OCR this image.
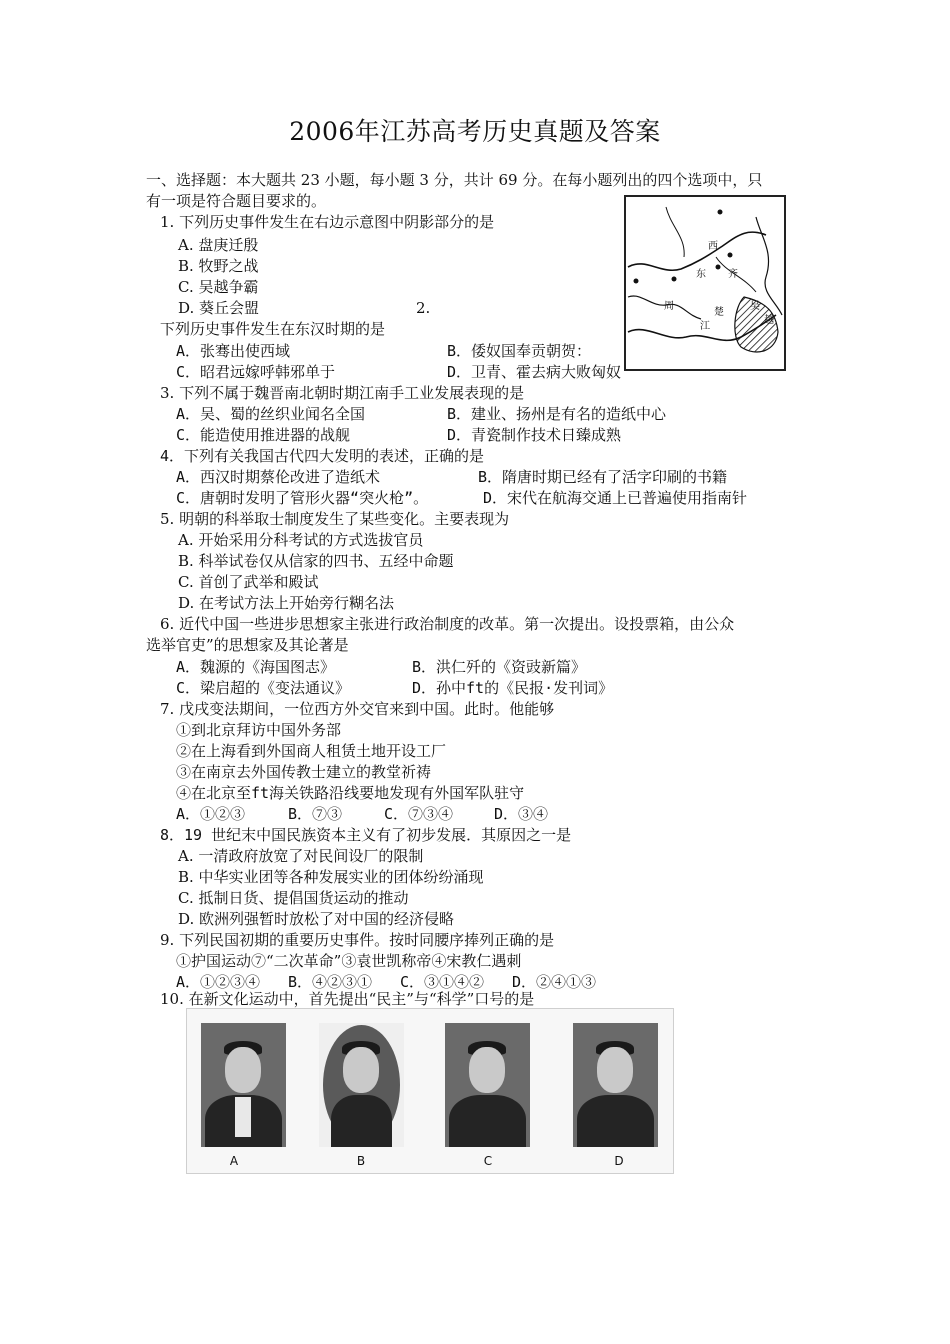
2006年江苏高考历史真题及答案
一、选择题：本大题共 23 小题，每小题 3 分，共计 69 分。在每小题列出的四个选项中，只
有一项是符合题目要求的。
1. 下列历史事件发生在右边示意图中阴影部分的是
A. 盘庚迁殷
B. 牧野之战
C. 吴越争霸
D. 葵丘会盟	2.
西
周
东 齐
楚
越
江
吴
下列历史事件发生在东汉时期的是
A．张骞出使西域	B．倭奴国奉贡朝贺：
C．昭君远嫁呼韩邪单于	D．卫青、霍去病大败匈奴
3. 下列不属于魏晋南北朝时期江南手工业发展表现的是
A．吴、蜀的丝织业闻名全国	B．建业、扬州是有名的造纸中心
C．能造使用推进器的战舰	D．青瓷制作技术日臻成熟
4．下列有关我国古代四大发明的表述，正确的是
A．西汉时期蔡伦改进了造纸术	B．隋唐时期已经有了活字印刷的书籍
C．唐朝时发明了管形火器“突火枪”。	D．宋代在航海交通上已普遍使用指南针
5. 明朝的科举取士制度发生了某些变化。主要表现为
A. 开始采用分科考试的方式选拔官员
B. 科举试卷仅从信家的四书、五经中命题
C. 首创了武举和殿试
D. 在考试方法上开始旁行糊名法
6. 近代中国一些进步思想家主张进行政治制度的改革。第一次提出。设投票箱，由公众
选举官吏”的思想家及其论著是
A．魏源的《海国图志》	B．洪仁歼的《资豉新篇》
C．梁启超的《变法通议》	D．孙中ft的《民报·发刊词》
7. 戊戌变法期间，一位西方外交官来到中国。此时。他能够
①到北京拜访中国外务部
②在上海看到外国商人租赁土地开设工厂
③在南京去外国传教士建立的教堂祈祷
④在北京至ft海关铁路沿线要地发现有外国军队驻守
A．①②③	B．⑦③	C．⑦③④	D．③④
8．19 世纪末中国民族资本主义有了初步发展．其原因之一是
A. 一清政府放宽了对民间设厂的限制
B. 中华实业团等各种发展实业的团体纷纷涌现
C. 抵制日货、提倡国货运动的推动
D. 欧洲列强暂时放松了对中国的经济侵略
9. 下列民国初期的重要历史事件。按时同腰序捧列正确的是
①护国运动⑦“二次革命”③袁世凯称帝④宋教仁遇刺
A．①②③④ B．④②③① C．③①④② D．②④①③
10. 在新文化运动中，首先提出“民主”与“科学”口号的是
A	B	C	D
